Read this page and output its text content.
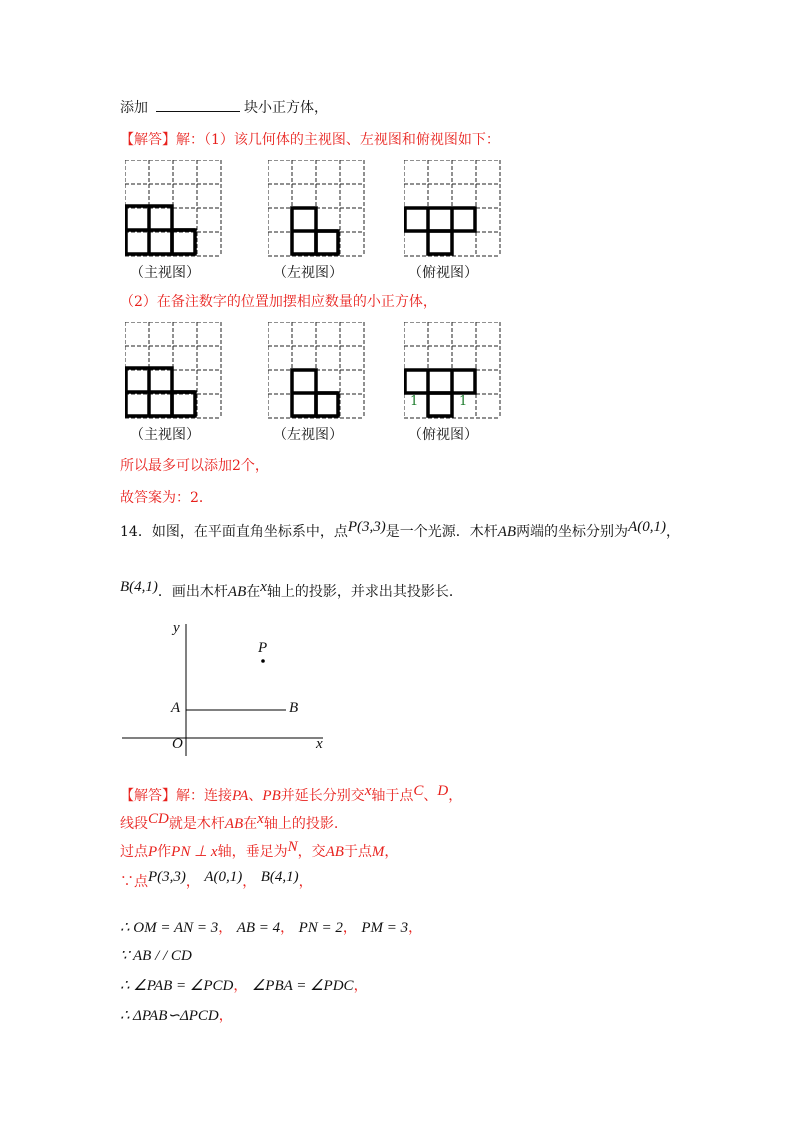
添加	块小正方体，
【解答】解：（1）该几何体的主视图、左视图和俯视图如下：
（主视图）	（左视图）	（俯视图）
（2）在备注数字的位置加摆相应数量的小正方体，
1	1
（主视图）	（左视图）	（俯视图）
所以最多可以添加2个，
故答案为：2．
14．如图，在平面直角坐标系中，点P(3,3)是一个光源．木杆AB两端的坐标分别为A(0,1)，
B(4,1)．画出木杆AB在x轴上的投影，并求出其投影长．
y
x
O
A	B
P
【解答】解：连接PA、PB并延长分别交x轴于点C、D，
线段CD就是木杆AB在x轴上的投影.
过点P作PN ⊥ x轴，垂足为N，交AB于点M，
∵点P(3,3)， A(0,1)， B(4,1)，
∴ OM = AN = 3， AB = 4， PN = 2， PM = 3，
∵ AB / / CD
∴ ∠PAB = ∠PCD， ∠PBA = ∠PDC，
∴ ΔPAB∽ΔPCD，
